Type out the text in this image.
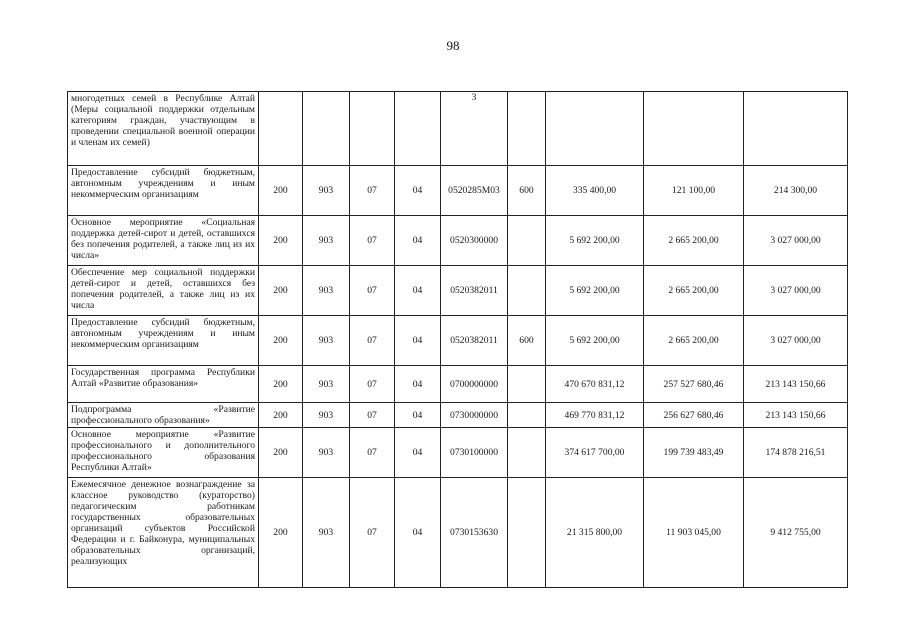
98
многодетных семей в Республике Алтай (Меры социальной поддержки отдельным категориям граждан, участвующим в проведении специальной военной операции и членам их семей)					3				
Предоставление субсидий бюджетным, автономным учреждениям и иным некоммерческим организациям	200	903	07	04	0520285М03	600	335 400,00	121 100,00	214 300,00
Основное мероприятие «Социальная поддержка детей-сирот и детей, оставшихся без попечения родителей, а также лиц из их числа»	200	903	07	04	0520300000		5 692 200,00	2 665 200,00	3 027 000,00
Обеспечение мер социальной поддержки детей-сирот и детей, оставшихся без попечения родителей, а также лиц из их числа	200	903	07	04	0520382011		5 692 200,00	2 665 200,00	3 027 000,00
Предоставление субсидий бюджетным, автономным учреждениям и иным некоммерческим организациям	200	903	07	04	0520382011	600	5 692 200,00	2 665 200,00	3 027 000,00
Государственная программа Республики Алтай «Развитие образования»	200	903	07	04	0700000000		470 670 831,12	257 527 680,46	213 143 150,66
Подпрограмма «Развитие профессионального образования»	200	903	07	04	0730000000		469 770 831,12	256 627 680,46	213 143 150,66
Основное мероприятие «Развитие профессионального и дополнительного профессионального образования Республики Алтай»	200	903	07	04	0730100000		374 617 700,00	199 739 483,49	174 878 216,51
Ежемесячное денежное вознаграждение за классное руководство (кураторство) педагогическим работникам государственных образовательных организаций субъектов Российской Федерации и г. Байконура, муниципальных образовательных организаций, реализующих	200	903	07	04	0730153630		21 315 800,00	11 903 045,00	9 412 755,00
